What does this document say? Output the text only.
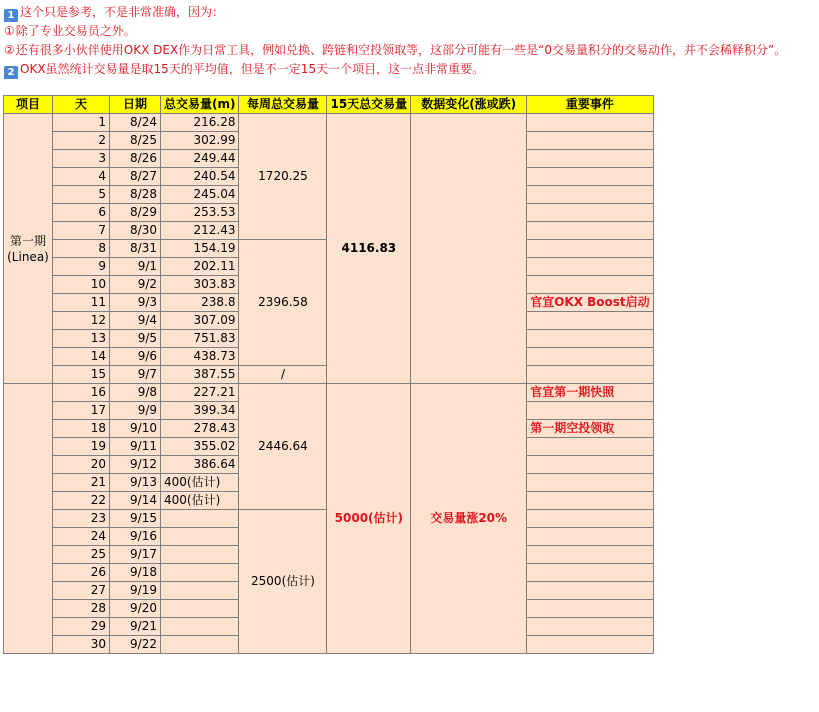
1 这个只是参考，不是非常准确，因为：
①除了专业交易员之外。
②还有很多小伙伴使用OKX DEX作为日常工具，例如兑换、跨链和空投领取等，这部分可能有一些是“0交易量积分的交易动作，并不会稀释积分”。
2 OKX虽然统计交易量是取15天的平均值，但是不一定15天一个项目，这一点非常重要。
项目	天	日期	总交易量(m)	每周总交易量	15天总交易量	数据变化(涨或跌)	重要事件

第一期
(Linea)	1	8/24	216.28	1720.25	4116.83		
	2	8/25	302.99				
	3	8/26	249.44				
	4	8/27	240.54				
	5	8/28	245.04				
	6	8/29	253.53				
	7	8/30	212.43				
	8	8/31	154.19	2396.58			
	9	9/1	202.11				
	10	9/2	303.83				
	11	9/3	238.8				官宣OKX Boost启动
	12	9/4	307.09				
	13	9/5	751.83				
	14	9/6	438.73				
	15	9/7	387.55	/			
	16	9/8	227.21	2446.64	5000(估计)	交易量涨20%	官宣第一期快照
	17	9/9	399.34				
	18	9/10	278.43				第一期空投领取
	19	9/11	355.02				
	20	9/12	386.64				
	21	9/13	400(估计)				
	22	9/14	400(估计)				
	23	9/15		2500(估计)			
	24	9/16					
	25	9/17					
	26	9/18					
	27	9/19					
	28	9/20					
	29	9/21					
	30	9/22					
